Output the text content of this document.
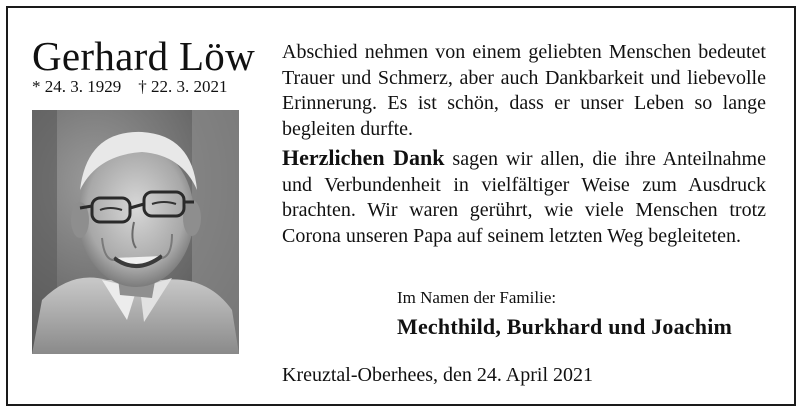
Gerhard Löw
* 24. 3. 1929    † 22. 3. 2021
Abschied nehmen von einem geliebten Menschen bedeutet Trauer und Schmerz, aber auch Dankbarkeit und liebevolle Erinnerung. Es ist schön, dass er unser Leben so lange begleiten durfte.
Herzlichen Dank sagen wir allen, die ihre Anteilnahme und Verbundenheit in vielfältiger Weise zum Ausdruck brachten. Wir waren gerührt, wie viele Menschen trotz Corona unseren Papa auf seinem letzten Weg begleiteten.
Im Namen der Familie:
Mechthild, Burkhard und Joachim
Kreuztal-Oberhees, den 24. April 2021
